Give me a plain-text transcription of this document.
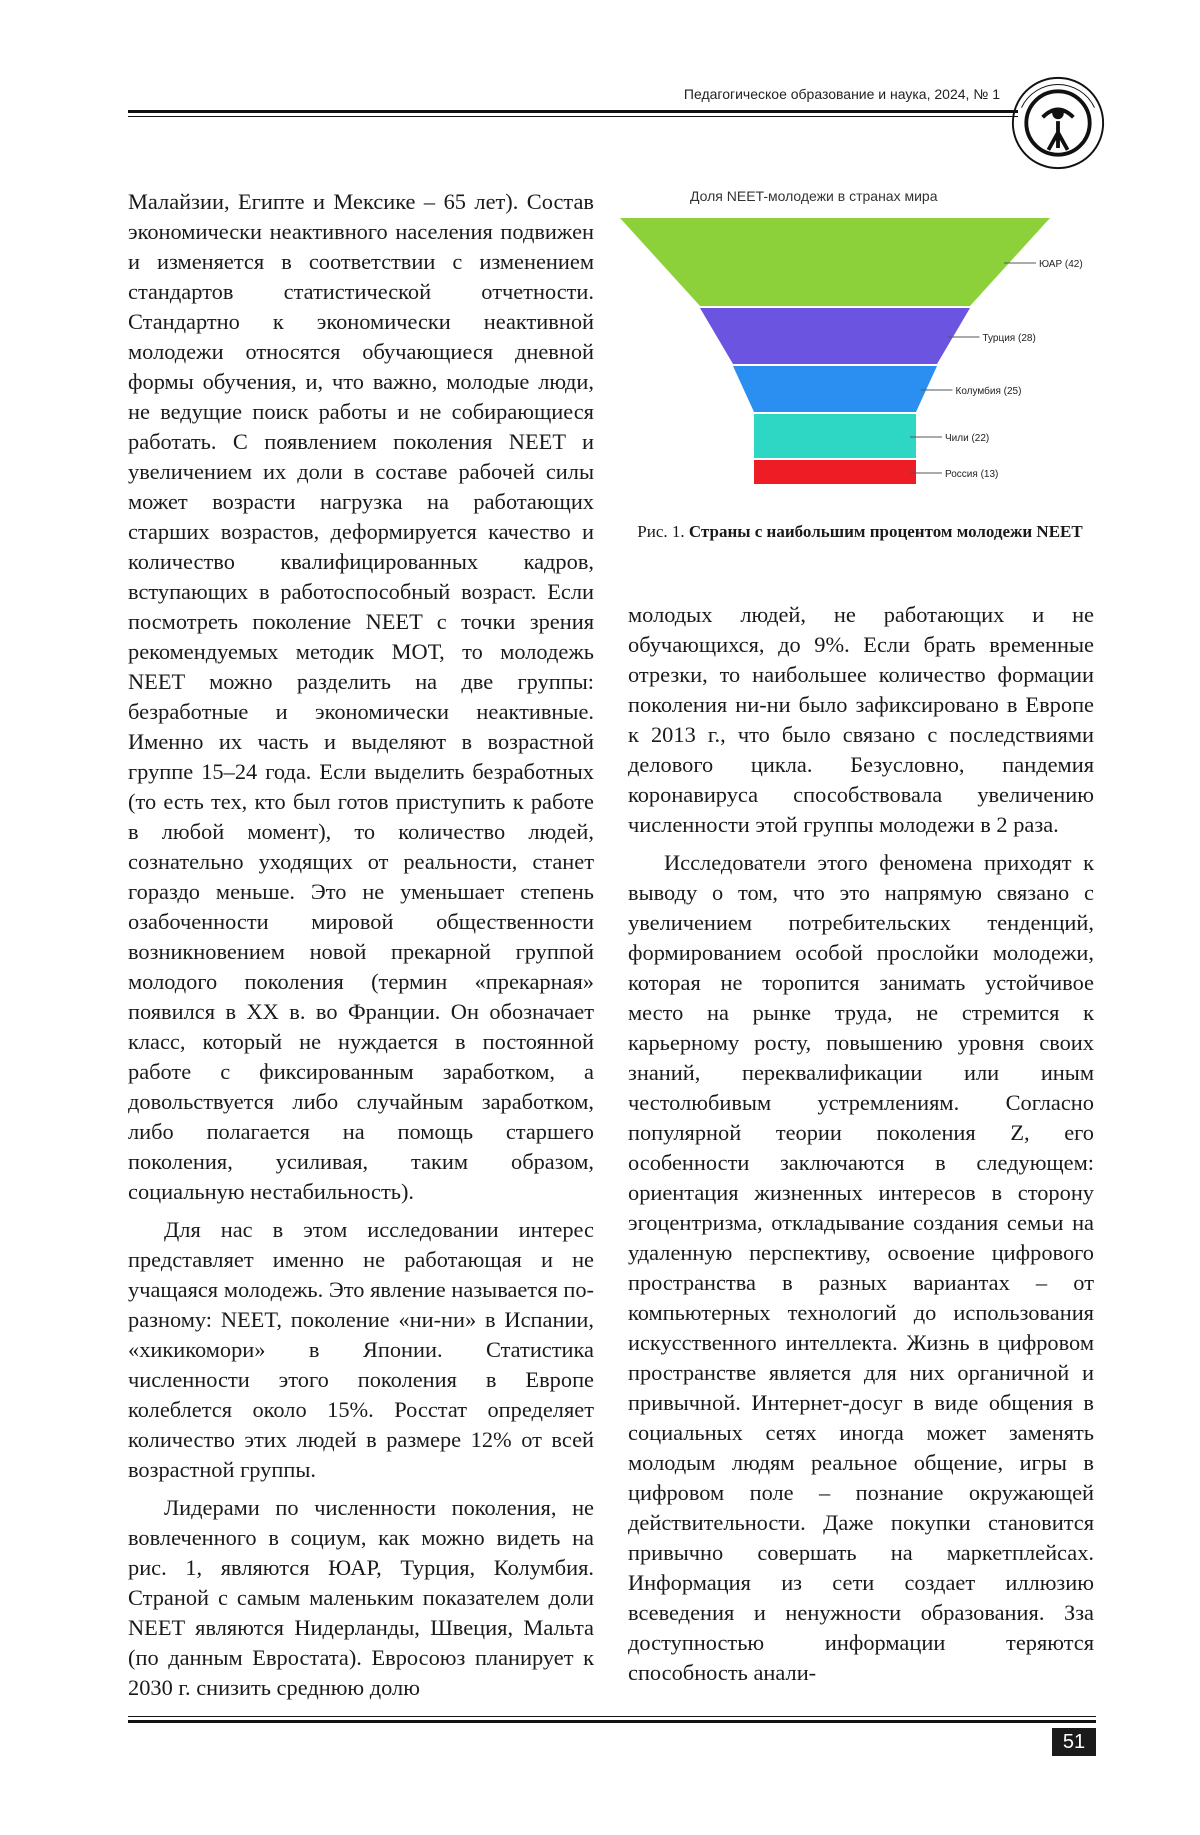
Педагогическое образование и наука, 2024, № 1

Малайзии, Египте и Мексике – 65 лет). Состав экономически неактивного населения подвижен и изменяется в соответствии с изменением стандартов статистической отчетности. Стандартно к экономически неактивной молодежи относятся обучающиеся дневной формы обучения, и, что важно, молодые люди, не ведущие поиск работы и не собирающиеся работать. С появлением поколения NEET и увеличением их доли в составе рабочей силы может возрасти нагрузка на работающих старших возрастов, деформируется качество и количество квалифицированных кадров, вступающих в работоспособный возраст. Если посмотреть поколение NEET с точки зрения рекомендуемых методик МОТ, то молодежь NEET можно разделить на две группы: безработные и экономически неактивные. Именно их часть и выделяют в возрастной группе 15–24 года. Если выделить безработных (то есть тех, кто был готов приступить к работе в любой момент), то количество людей, сознательно уходящих от реальности, станет гораздо меньше. Это не уменьшает степень озабоченности мировой общественности возникновением новой прекарной группой молодого поколения (термин «прекарная» появился в XX в. во Франции. Он обозначает класс, который не нуждается в постоянной работе с фиксированным заработком, а довольствуется либо случайным заработком, либо полагается на помощь старшего поколения, усиливая, таким образом, социальную нестабильность).

Для нас в этом исследовании интерес представляет именно не работающая и не учащаяся молодежь. Это явление называется по-разному: NEET, поколение «ни-ни» в Испании, «хикикомори» в Японии. Статистика численности этого поколения в Европе колеблется около 15%. Росстат определяет количество этих людей в размере 12% от всей возрастной группы.

Лидерами по численности поколения, не вовлеченного в социум, как можно видеть на рис. 1, являются ЮАР, Турция, Колумбия. Страной с самым маленьким показателем доли NEET являются Нидерланды, Швеция, Мальта (по данным Евростата). Евросоюз планирует к 2030 г. снизить среднюю долю

Доля NEET-молодежи в странах мира
ЮАР (42)
Турция (28)
Колумбия (25)
Чили (22)
Россия (13)
Рис. 1. Страны с наибольшим процентом молодежи NEET

молодых людей, не работающих и не обучающихся, до 9%. Если брать временные отрезки, то наибольшее количество формации поколения ни-ни было зафиксировано в Европе к 2013 г., что было связано с последствиями делового цикла. Безусловно, пандемия коронавируса способствовала увеличению численности этой группы молодежи в 2 раза.

Исследователи этого феномена приходят к выводу о том, что это напрямую связано с увеличением потребительских тенденций, формированием особой прослойки молодежи, которая не торопится занимать устойчивое место на рынке труда, не стремится к карьерному росту, повышению уровня своих знаний, переквалификации или иным честолюбивым устремлениям. Согласно популярной теории поколения Z, его особенности заключаются в следующем: ориентация жизненных интересов в сторону эгоцентризма, откладывание создания семьи на удаленную перспективу, освоение цифрового пространства в разных вариантах – от компьютерных технологий до использования искусственного интеллекта. Жизнь в цифровом пространстве является для них органичной и привычной. Интернет-досуг в виде общения в социальных сетях иногда может заменять молодым людям реальное общение, игры в цифровом поле – познание окружающей действительности. Даже покупки становится привычно совершать на маркетплейсах. Информация из сети создает иллюзию всеведения и ненужности образования. Зза доступностью информации теряются способность анали-

51
